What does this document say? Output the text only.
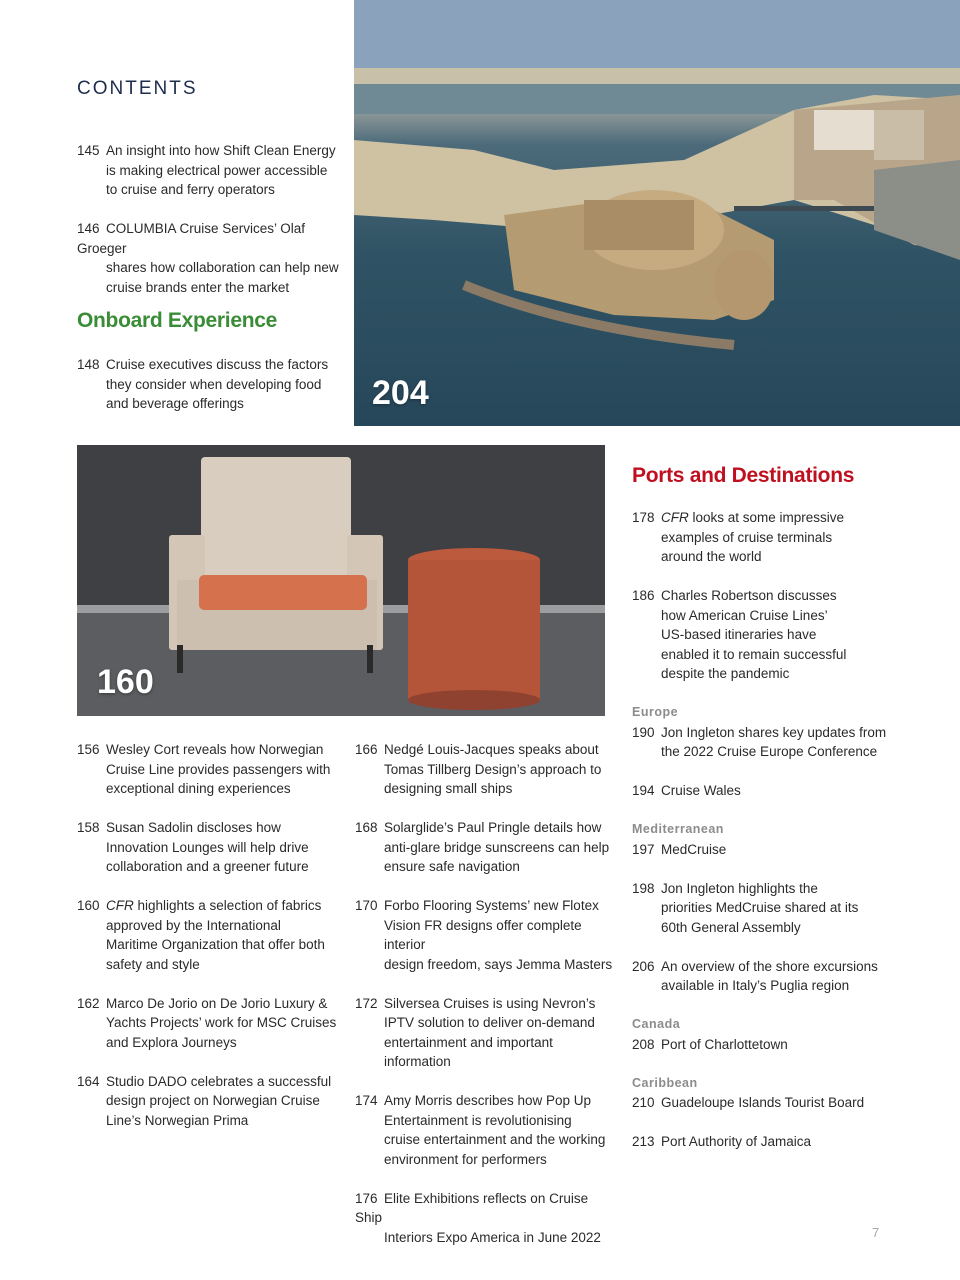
CONTENTS
145 An insight into how Shift Clean Energy
is making electrical power accessible
to cruise and ferry operators
146 COLUMBIA Cruise Services’ Olaf Groeger
shares how collaboration can help new
cruise brands enter the market
Onboard Experience
148 Cruise executives discuss the factors
they consider when developing food
and beverage offerings	204
160
156 Wesley Cort reveals how Norwegian
Cruise Line provides passengers with
exceptional dining experiences
158 Susan Sadolin discloses how
Innovation Lounges will help drive
collaboration and a greener future
160 CFR highlights a selection of fabrics
approved by the International
Maritime Organization that offer both
safety and style
162 Marco De Jorio on De Jorio Luxury &
Yachts Projects’ work for MSC Cruises
and Explora Journeys
164 Studio DADO celebrates a successful
design project on Norwegian Cruise
Line’s Norwegian Prima
166 Nedgé Louis-Jacques speaks about
Tomas Tillberg Design’s approach to
designing small ships
168 Solarglide’s Paul Pringle details how
anti-glare bridge sunscreens can help
ensure safe navigation
170 Forbo Flooring Systems’ new Flotex
Vision FR designs offer complete interior
design freedom, says Jemma Masters
172 Silversea Cruises is using Nevron’s
IPTV solution to deliver on-demand
entertainment and important information
174 Amy Morris describes how Pop Up
Entertainment is revolutionising
cruise entertainment and the working
environment for performers
176 Elite Exhibitions reflects on Cruise Ship
Interiors Expo America in June 2022
Ports and Destinations
178 CFR looks at some impressive
examples of cruise terminals
around the world
186 Charles Robertson discusses
how American Cruise Lines’
US-based itineraries have
enabled it to remain successful
despite the pandemic
Europe
190 Jon Ingleton shares key updates from
the 2022 Cruise Europe Conference
194 Cruise Wales
Mediterranean
197 MedCruise
198 Jon Ingleton highlights the
priorities MedCruise shared at its
60th General Assembly
206 An overview of the shore excursions
available in Italy’s Puglia region
Canada
208 Port of Charlottetown
Caribbean
210 Guadeloupe Islands Tourist Board
213 Port Authority of Jamaica
7
